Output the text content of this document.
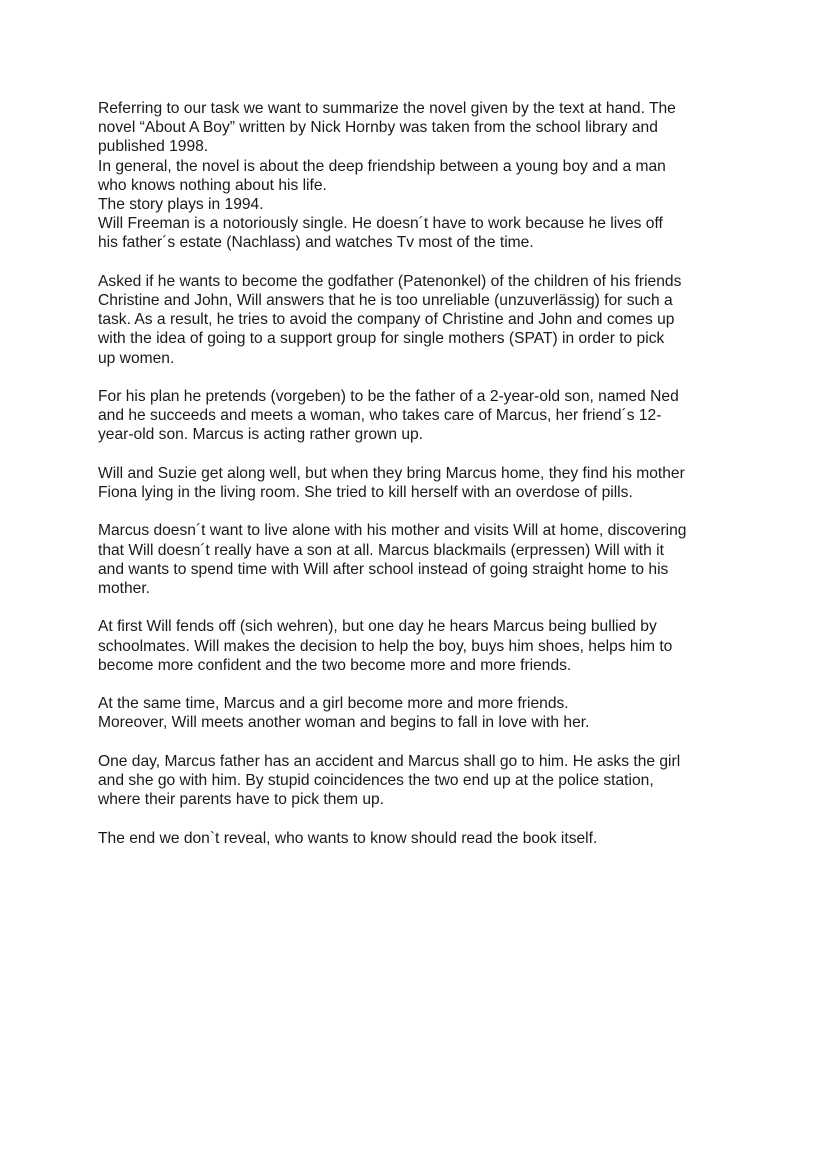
Referring to our task we want to summarize the novel given by the text at hand. The
novel “About A Boy” written by Nick Hornby was taken from the school library and
published 1998.
In general, the novel is about the deep friendship between a young boy and a man
who knows nothing about his life.
The story plays in 1994.
Will Freeman is a notoriously single. He doesn´t have to work because he lives off
his father´s estate (Nachlass) and watches Tv most of the time.

Asked if he wants to become the godfather (Patenonkel) of the children of his friends
Christine and John, Will answers that he is too unreliable (unzuverlässig) for such a
task. As a result, he tries to avoid the company of Christine and John and comes up
with the idea of going to a support group for single mothers (SPAT) in order to pick
up women.

For his plan he pretends (vorgeben) to be the father of a 2-year-old son, named Ned
and he succeeds and meets a woman, who takes care of Marcus, her friend´s 12-
year-old son. Marcus is acting rather grown up.

Will and Suzie get along well, but when they bring Marcus home, they find his mother
Fiona lying in the living room. She tried to kill herself with an overdose of pills.

Marcus doesn´t want to live alone with his mother and visits Will at home, discovering
that Will doesn´t really have a son at all. Marcus blackmails (erpressen) Will with it
and wants to spend time with Will after school instead of going straight home to his
mother.

At first Will fends off (sich wehren), but one day he hears Marcus being bullied by
schoolmates. Will makes the decision to help the boy, buys him shoes, helps him to
become more confident and the two become more and more friends.

At the same time, Marcus and a girl become more and more friends.
Moreover, Will meets another woman and begins to fall in love with her.

One day, Marcus father has an accident and Marcus shall go to him. He asks the girl
and she go with him. By stupid coincidences the two end up at the police station,
where their parents have to pick them up.

The end we don`t reveal, who wants to know should read the book itself.
